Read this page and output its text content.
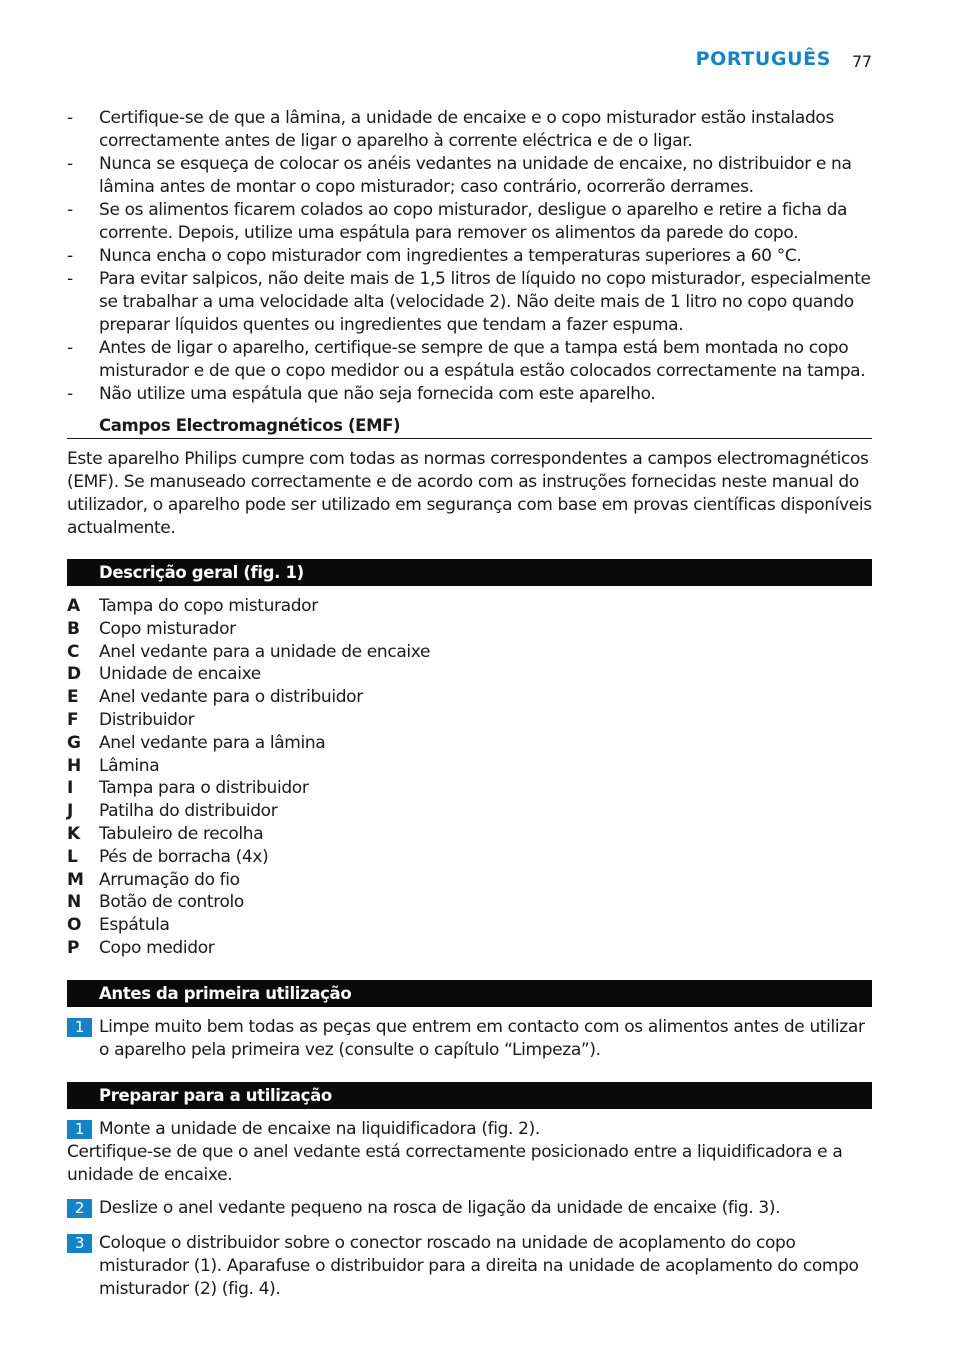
PORTUGUÊS 77
- Certifique-se de que a lâmina, a unidade de encaixe e o copo misturador estão instalados correctamente antes de ligar o aparelho à corrente eléctrica e de o ligar.
- Nunca se esqueça de colocar os anéis vedantes na unidade de encaixe, no distribuidor e na lâmina antes de montar o copo misturador; caso contrário, ocorrerão derrames.
- Se os alimentos ficarem colados ao copo misturador, desligue o aparelho e retire a ficha da corrente. Depois, utilize uma espátula para remover os alimentos da parede do copo.
- Nunca encha o copo misturador com ingredientes a temperaturas superiores a 60 °C.
- Para evitar salpicos, não deite mais de 1,5 litros de líquido no copo misturador, especialmente se trabalhar a uma velocidade alta (velocidade 2). Não deite mais de 1 litro no copo quando preparar líquidos quentes ou ingredientes que tendam a fazer espuma.
- Antes de ligar o aparelho, certifique-se sempre de que a tampa está bem montada no copo misturador e de que o copo medidor ou a espátula estão colocados correctamente na tampa.
- Não utilize uma espátula que não seja fornecida com este aparelho.
Campos Electromagnéticos (EMF)

Este aparelho Philips cumpre com todas as normas correspondentes a campos electromagnéticos (EMF). Se manuseado correctamente e de acordo com as instruções fornecidas neste manual do utilizador, o aparelho pode ser utilizado em segurança com base em provas científicas disponíveis actualmente.

Descrição geral (fig. 1)
A Tampa do copo misturador
B Copo misturador
C Anel vedante para a unidade de encaixe
D Unidade de encaixe
E Anel vedante para o distribuidor
F Distribuidor
G Anel vedante para a lâmina
H Lâmina
I Tampa para o distribuidor
J Patilha do distribuidor
K Tabuleiro de recolha
L Pés de borracha (4x)
M Arrumação do fio
N Botão de controlo
O Espátula
P Copo medidor
Antes da primeira utilização
1 Limpe muito bem todas as peças que entrem em contacto com os alimentos antes de utilizar o aparelho pela primeira vez (consulte o capítulo “Limpeza”).
Preparar para a utilização
1 Monte a unidade de encaixe na liquidificadora (fig. 2).

Certifique-se de que o anel vedante está correctamente posicionado entre a liquidificadora e a unidade de encaixe.

2 Deslize o anel vedante pequeno na rosca de ligação da unidade de encaixe (fig. 3).
3 Coloque o distribuidor sobre o conector roscado na unidade de acoplamento do copo misturador (1). Aparafuse o distribuidor para a direita na unidade de acoplamento do compo misturador (2) (fig. 4).
